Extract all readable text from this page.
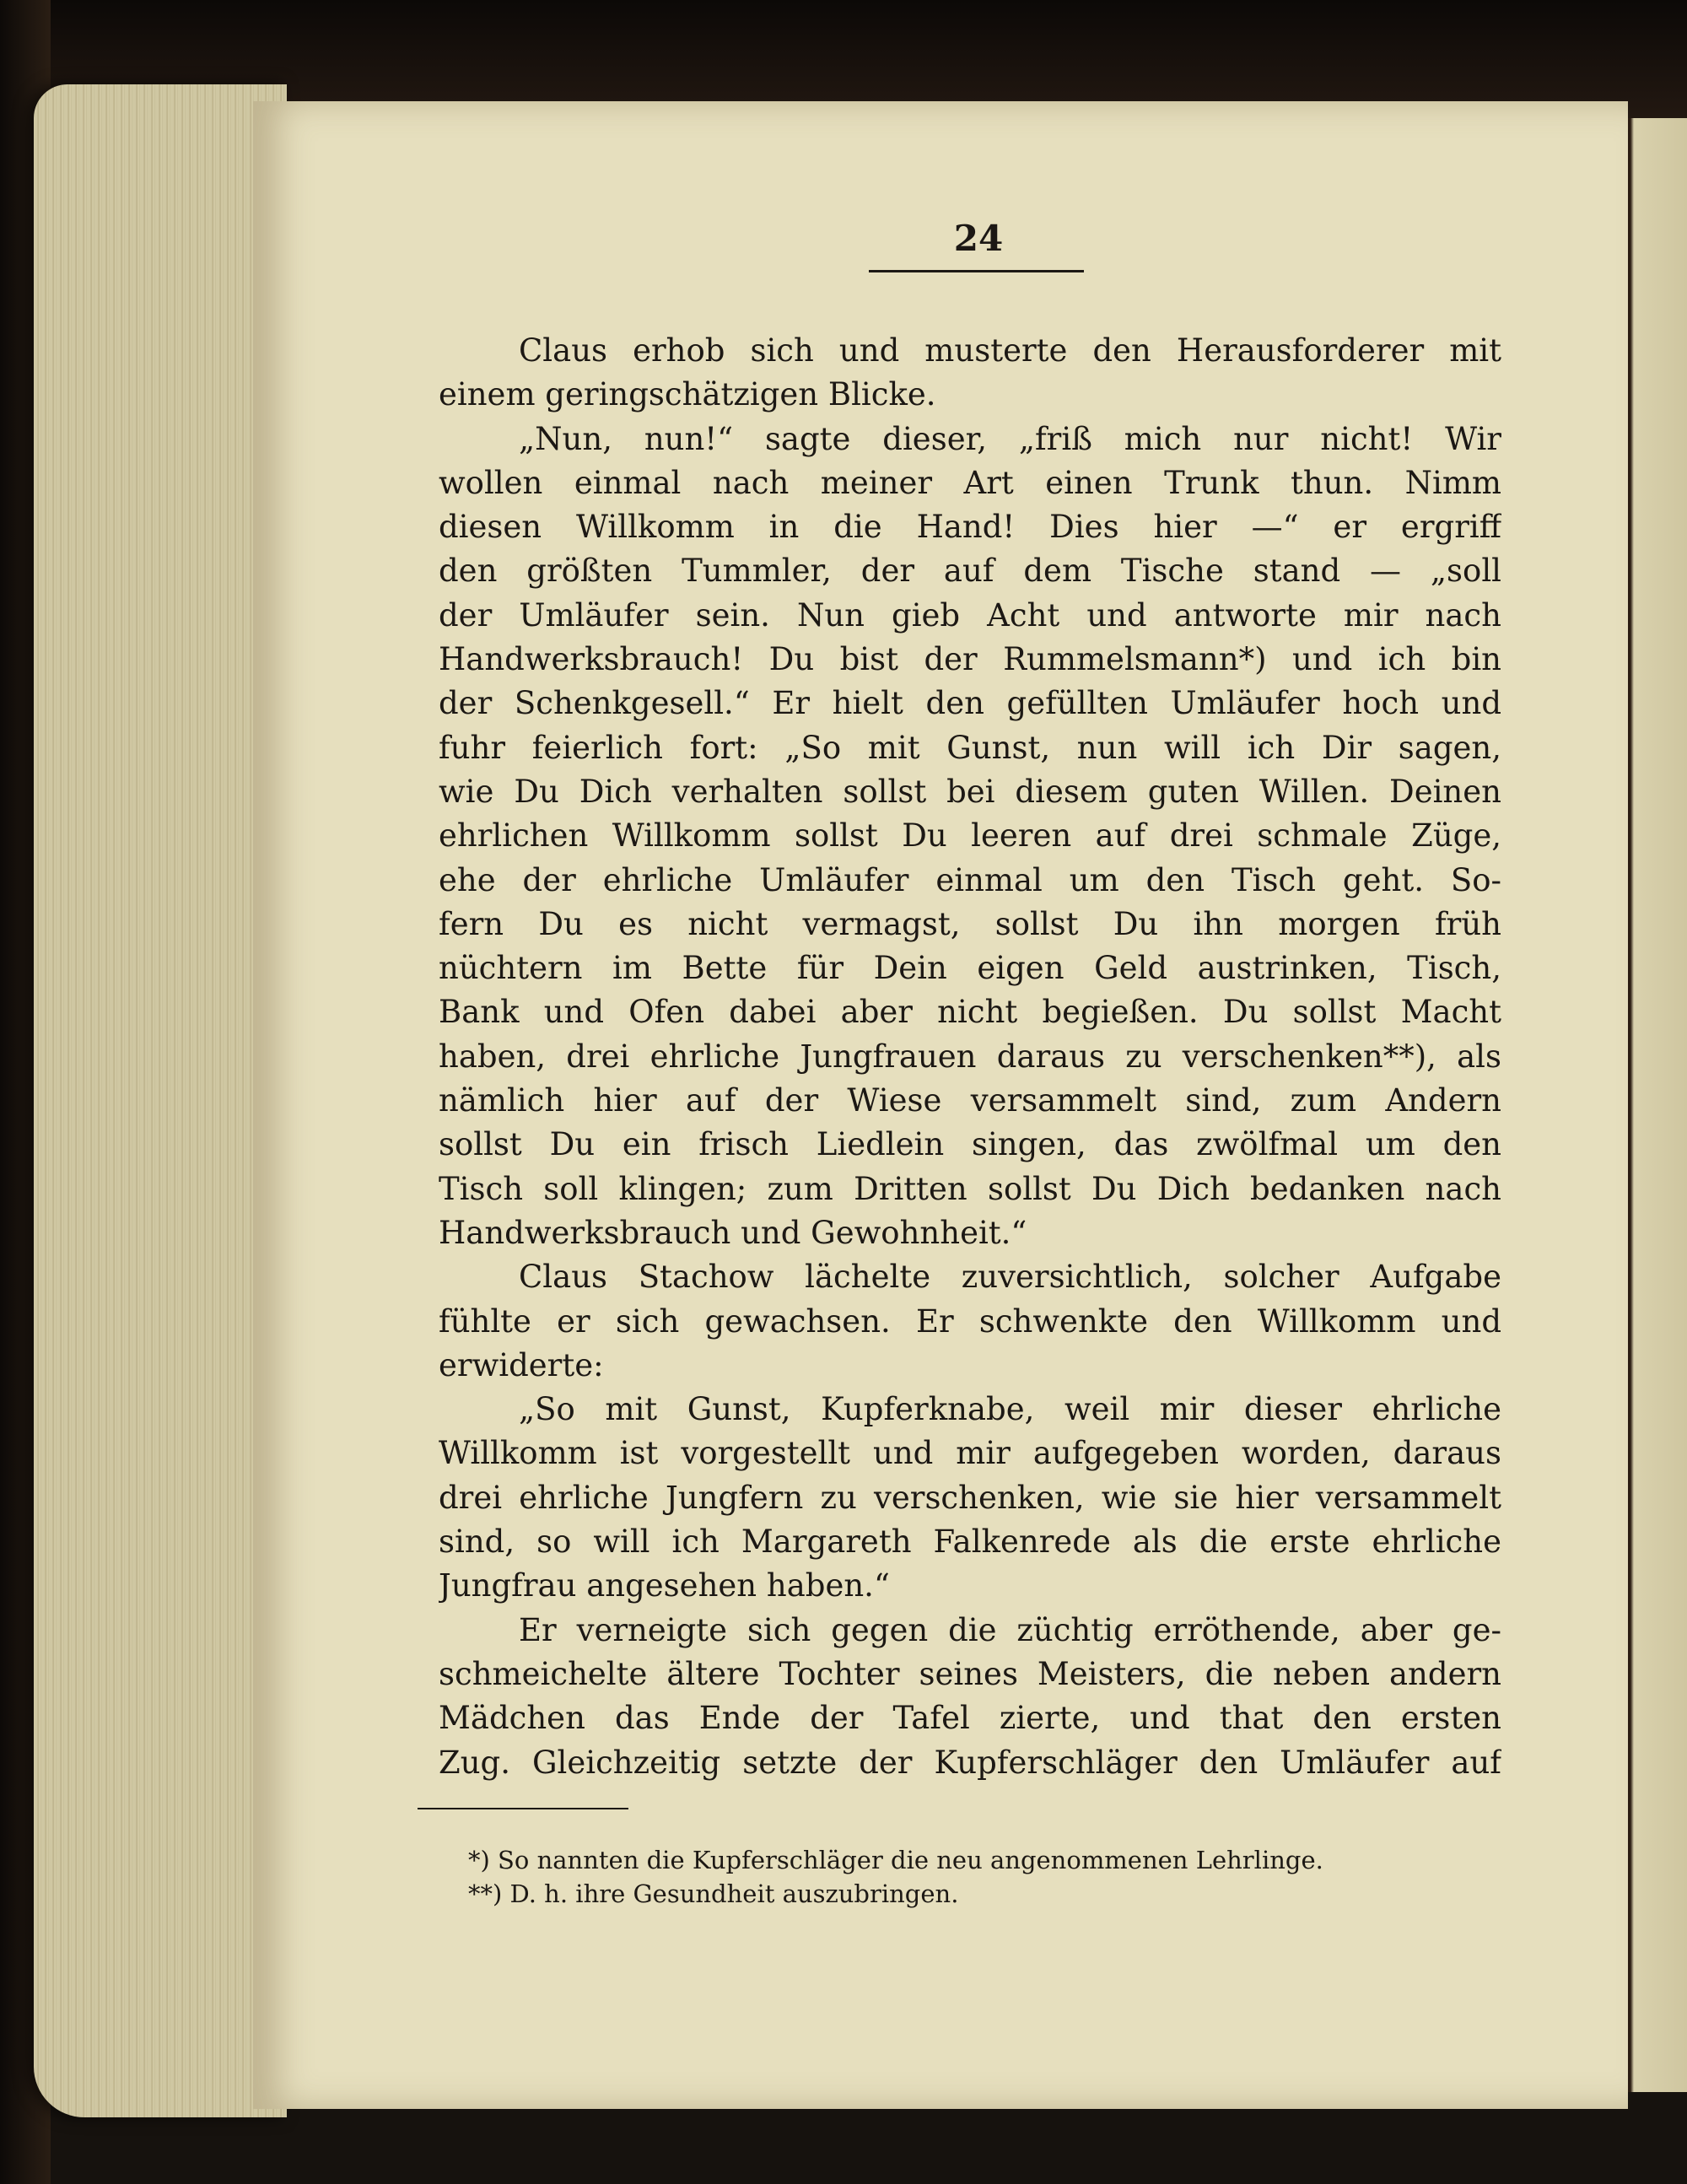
24
Claus erhob sich und musterte den Herausforderer mit
einem geringschätzigen Blicke.
„Nun, nun!“ sagte dieser, „friß mich nur nicht! Wir
wollen einmal nach meiner Art einen Trunk thun. Nimm
diesen Willkomm in die Hand! Dies hier —“ er ergriff
den größten Tummler, der auf dem Tische stand — „soll
der Umläufer sein. Nun gieb Acht und antworte mir nach
Handwerksbrauch! Du bist der Rummelsmann*) und ich bin
der Schenkgesell.“ Er hielt den gefüllten Umläufer hoch und
fuhr feierlich fort: „So mit Gunst, nun will ich Dir sagen,
wie Du Dich verhalten sollst bei diesem guten Willen. Deinen
ehrlichen Willkomm sollst Du leeren auf drei schmale Züge,
ehe der ehrliche Umläufer einmal um den Tisch geht. So-
fern Du es nicht vermagst, sollst Du ihn morgen früh
nüchtern im Bette für Dein eigen Geld austrinken, Tisch,
Bank und Ofen dabei aber nicht begießen. Du sollst Macht
haben, drei ehrliche Jungfrauen daraus zu verschenken**), als
nämlich hier auf der Wiese versammelt sind, zum Andern
sollst Du ein frisch Liedlein singen, das zwölfmal um den
Tisch soll klingen; zum Dritten sollst Du Dich bedanken nach
Handwerksbrauch und Gewohnheit.“
Claus Stachow lächelte zuversichtlich, solcher Aufgabe
fühlte er sich gewachsen. Er schwenkte den Willkomm und
erwiderte:
„So mit Gunst, Kupferknabe, weil mir dieser ehrliche
Willkomm ist vorgestellt und mir aufgegeben worden, daraus
drei ehrliche Jungfern zu verschenken, wie sie hier versammelt
sind, so will ich Margareth Falkenrede als die erste ehrliche
Jungfrau angesehen haben.“
Er verneigte sich gegen die züchtig erröthende, aber ge-
schmeichelte ältere Tochter seines Meisters, die neben andern
Mädchen das Ende der Tafel zierte, und that den ersten
Zug. Gleichzeitig setzte der Kupferschläger den Umläufer auf
*) So nannten die Kupferschläger die neu angenommenen Lehrlinge.
**) D. h. ihre Gesundheit auszubringen.
